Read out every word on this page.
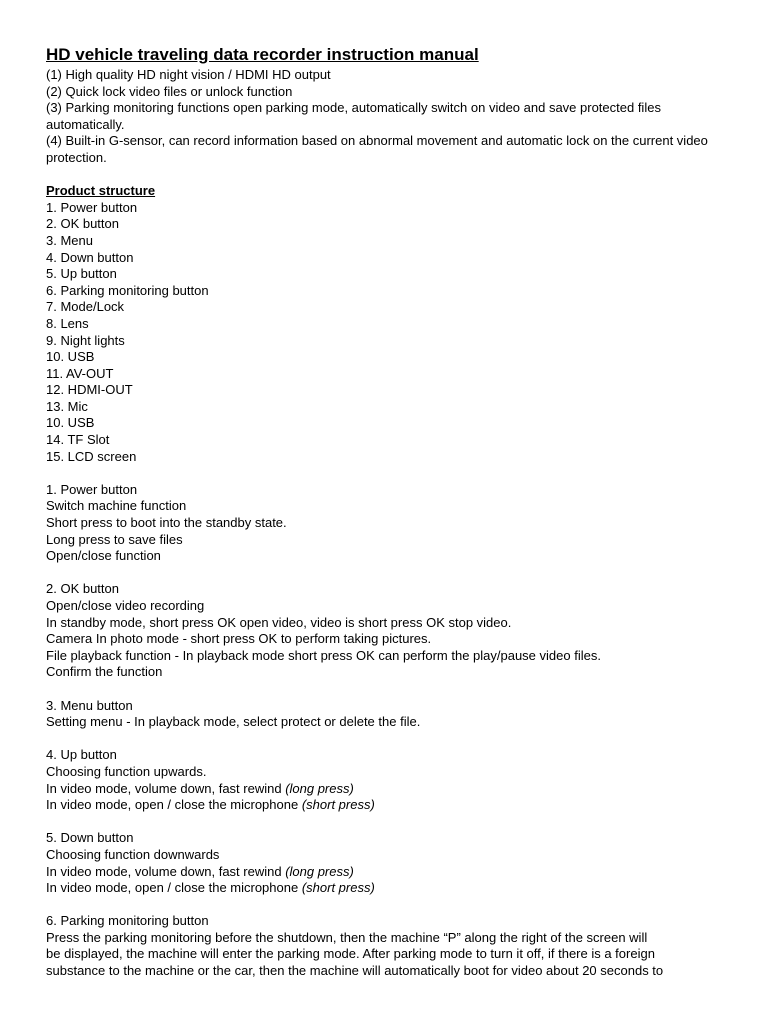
HD vehicle traveling data recorder instruction manual
(1) High quality HD night vision / HDMI HD output
(2) Quick lock video files or unlock function
(3) Parking monitoring functions open parking mode, automatically switch on video and save protected files automatically.
(4) Built-in G-sensor, can record information based on abnormal movement and automatic lock on the current video protection.
Product structure
1. Power button
2. OK button
3. Menu
4. Down button
5. Up button
6. Parking monitoring button
7. Mode/Lock
8. Lens
9. Night lights
10. USB
11. AV-OUT
12. HDMI-OUT
13. Mic
10. USB
14. TF Slot
15. LCD screen
1. Power button
Switch machine function
Short press to boot into the standby state.
Long press to save files
Open/close function
2. OK button
Open/close video recording
In standby mode, short press OK open video, video is short press OK stop video.
Camera In photo mode - short press OK to perform taking pictures.
File playback function - In playback mode short press OK can perform the play/pause video files.
Confirm the function
3. Menu button
Setting menu - In playback mode, select protect or delete the file.
4. Up button
Choosing function upwards.
In video mode, volume down, fast rewind (long press)
In video mode, open / close the microphone (short press)
5. Down button
Choosing function downwards
In video mode, volume down, fast rewind (long press)
In video mode, open / close the microphone (short press)
6. Parking monitoring button
Press the parking monitoring before the shutdown, then the machine “P” along the right of the screen will
be displayed, the machine will enter the parking mode. After parking mode to turn it off, if there is a foreign
substance to the machine or the car, then the machine will automatically boot for video about 20 seconds to
